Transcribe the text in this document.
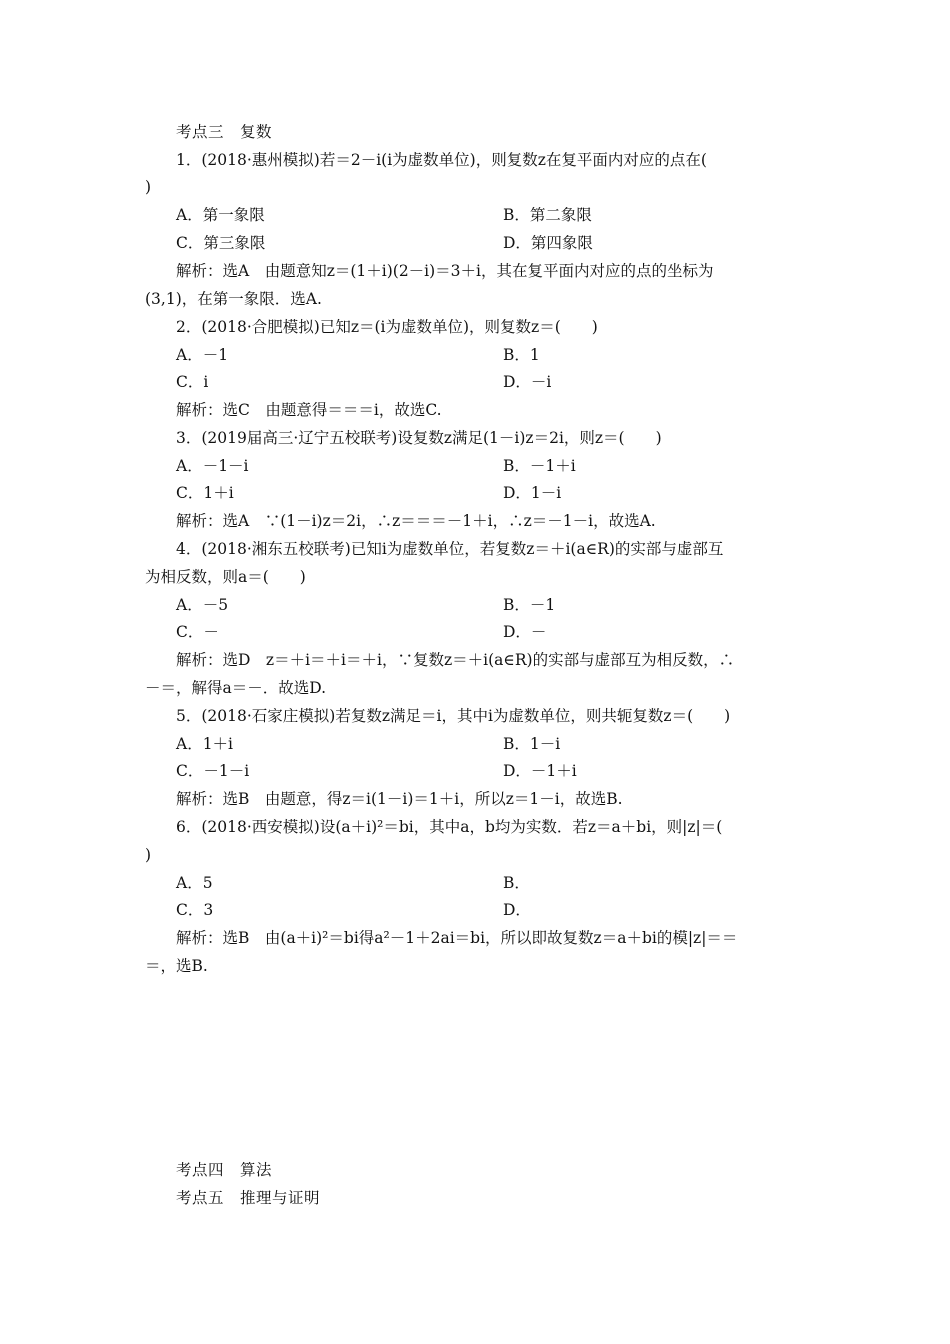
考点三　复数
1．(2018·惠州模拟)若＝2－i(i为虚数单位)，则复数z在复平面内对应的点在(
)
A．第一象限	B．第二象限
C．第三象限	D．第四象限
解析：选A　由题意知z＝(1＋i)(2－i)＝3＋i，其在复平面内对应的点的坐标为
(3,1)，在第一象限．选A.
2．(2018·合肥模拟)已知z＝(i为虚数单位)，则复数z＝(　　)
A．－1	B．1
C．i	D．－i
解析：选C　由题意得＝＝＝i，故选C.
3．(2019届高三·辽宁五校联考)设复数z满足(1－i)z＝2i，则z＝(　　)
A．－1－i	B．－1＋i
C．1＋i	D．1－i
解析：选A　∵(1－i)z＝2i，∴z＝＝＝－1＋i，∴z＝－1－i，故选A.
4．(2018·湘东五校联考)已知i为虚数单位，若复数z＝＋i(a∈R)的实部与虚部互
为相反数，则a＝(　　)
A．－5	B．－1
C．－	D．－
解析：选D　z＝＋i＝＋i＝＋i，∵复数z＝＋i(a∈R)的实部与虚部互为相反数，∴
－＝，解得a＝－．故选D.
5．(2018·石家庄模拟)若复数z满足＝i，其中i为虚数单位，则共轭复数z＝(　　)
A．1＋i	B．1－i
C．－1－i	D．－1＋i
解析：选B　由题意，得z＝i(1－i)＝1＋i，所以z＝1－i，故选B.
6．(2018·西安模拟)设(a＋i)²＝bi，其中a，b均为实数．若z＝a＋bi，则|z|＝(
)
A．5	B．
C．3	D．
解析：选B　由(a＋i)²＝bi得a²－1＋2ai＝bi，所以即故复数z＝a＋bi的模|z|＝＝
＝，选B.
考点四　算法
考点五　推理与证明
